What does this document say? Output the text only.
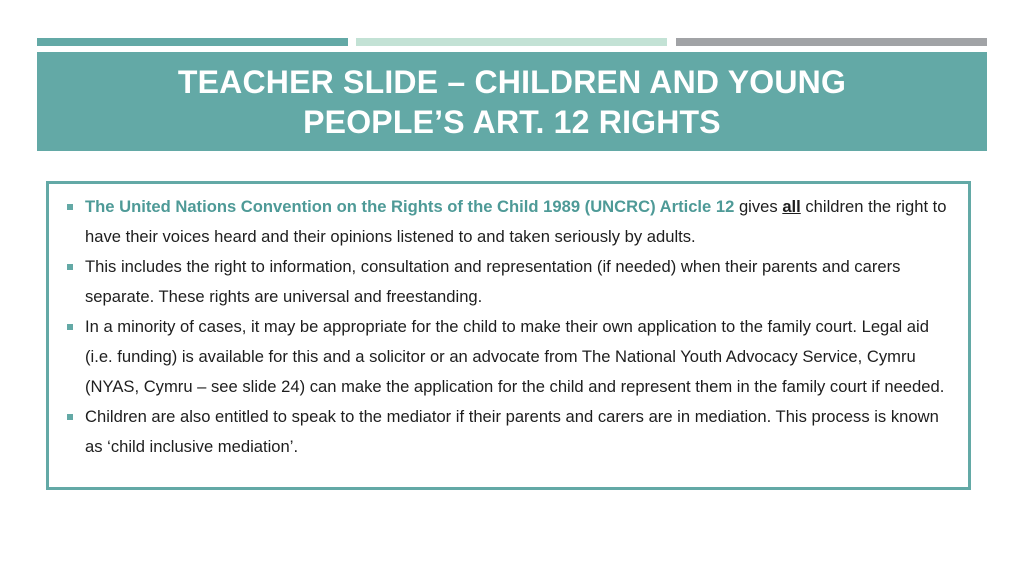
TEACHER SLIDE – CHILDREN AND YOUNG
PEOPLE’S ART. 12 RIGHTS
The United Nations Convention on the Rights of the Child 1989 (UNCRC) Article 12 gives all children the right to have their voices heard and their opinions listened to and taken seriously by adults.
This includes the right to information, consultation and representation (if needed) when their parents and carers separate. These rights are universal and freestanding.
In a minority of cases, it may be appropriate for the child to make their own application to the family court. Legal aid (i.e. funding) is available for this and a solicitor or an advocate from The National Youth Advocacy Service, Cymru (NYAS, Cymru – see slide 24) can make the application for the child and represent them in the family court if needed.
Children are also entitled to speak to the mediator if their parents and carers are in mediation. This process is known as ‘child inclusive mediation’.
